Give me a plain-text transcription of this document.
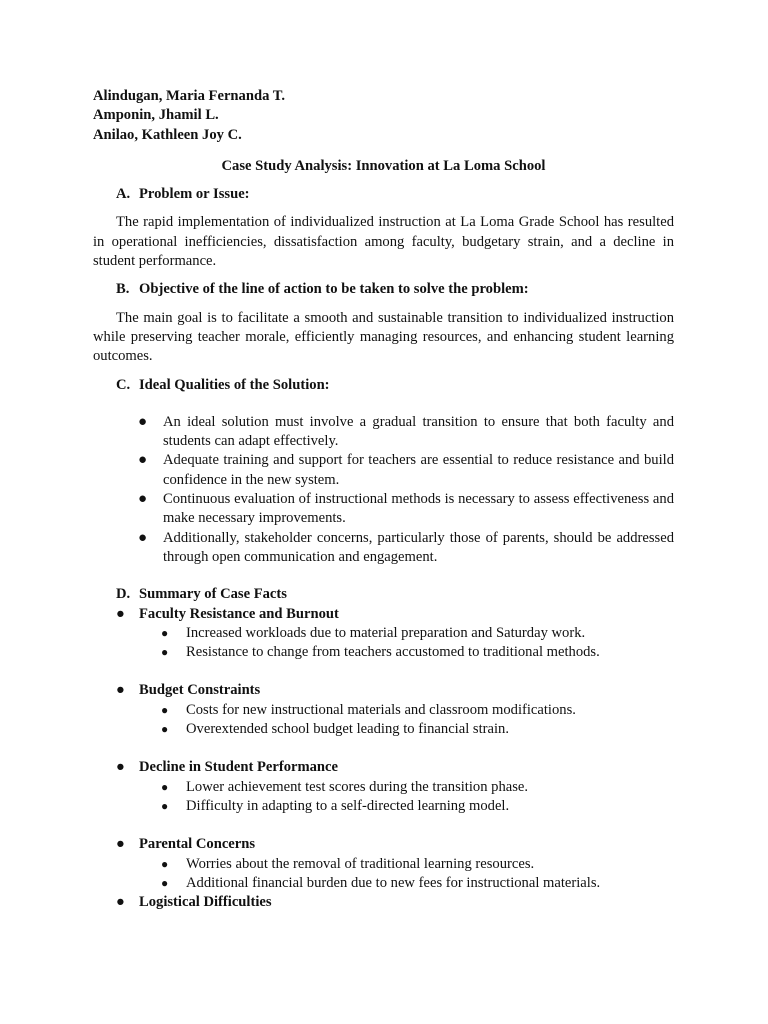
Alindugan, Maria Fernanda T.
Amponin, Jhamil L.
Anilao, Kathleen Joy C.
Case Study Analysis: Innovation at La Loma School
A. Problem or Issue:
The rapid implementation of individualized instruction at La Loma Grade School has resulted in operational inefficiencies, dissatisfaction among faculty, budgetary strain, and a decline in student performance.
B. Objective of the line of action to be taken to solve the problem:
The main goal is to facilitate a smooth and sustainable transition to individualized instruction while preserving teacher morale, efficiently managing resources, and enhancing student learning outcomes.
C. Ideal Qualities of the Solution:
● An ideal solution must involve a gradual transition to ensure that both faculty and students can adapt effectively.
● Adequate training and support for teachers are essential to reduce resistance and build confidence in the new system.
● Continuous evaluation of instructional methods is necessary to assess effectiveness and make necessary improvements.
● Additionally, stakeholder concerns, particularly those of parents, should be addressed through open communication and engagement.
D. Summary of Case Facts
● Faculty Resistance and Burnout
● Increased workloads due to material preparation and Saturday work.
● Resistance to change from teachers accustomed to traditional methods.
● Budget Constraints
● Costs for new instructional materials and classroom modifications.
● Overextended school budget leading to financial strain.
● Decline in Student Performance
● Lower achievement test scores during the transition phase.
● Difficulty in adapting to a self-directed learning model.
● Parental Concerns
● Worries about the removal of traditional learning resources.
● Additional financial burden due to new fees for instructional materials.
● Logistical Difficulties
